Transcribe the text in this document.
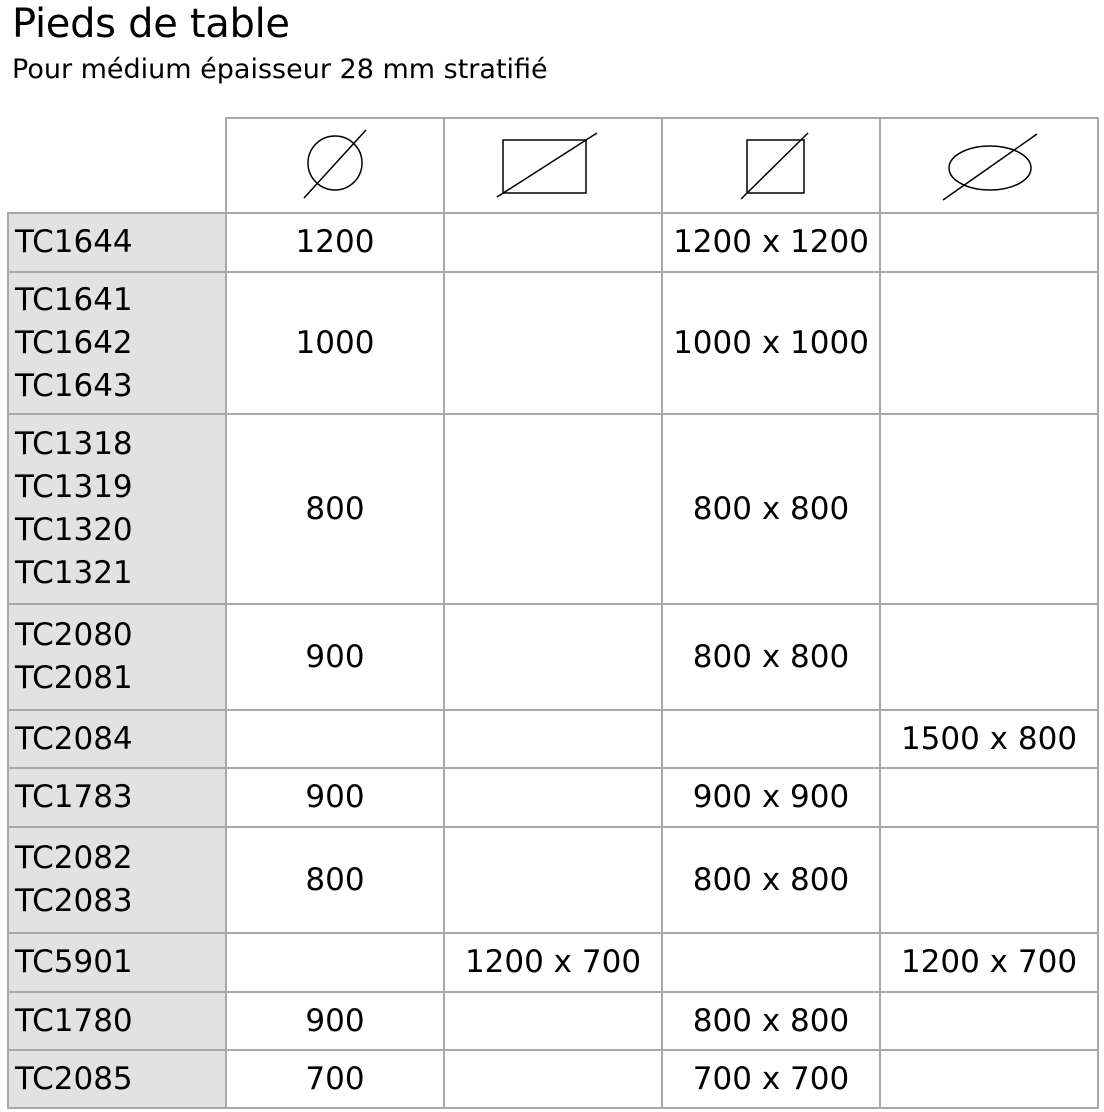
Pieds de table
Pour médium épaisseur 28 mm stratifié

TC1644	1200		1200 x 1200	

TC1641
TC1642
TC1643	1000		1000 x 1000	

TC1318
TC1319
TC1320
TC1321	800		800 x 800	

TC2080
TC2081	900		800 x 800	

TC2084				1500 x 800

TC1783	900		900 x 900	

TC2082
TC2083	800		800 x 800	

TC5901		1200 x 700		1200 x 700

TC1780	900		800 x 800	

TC2085	700		700 x 700	
